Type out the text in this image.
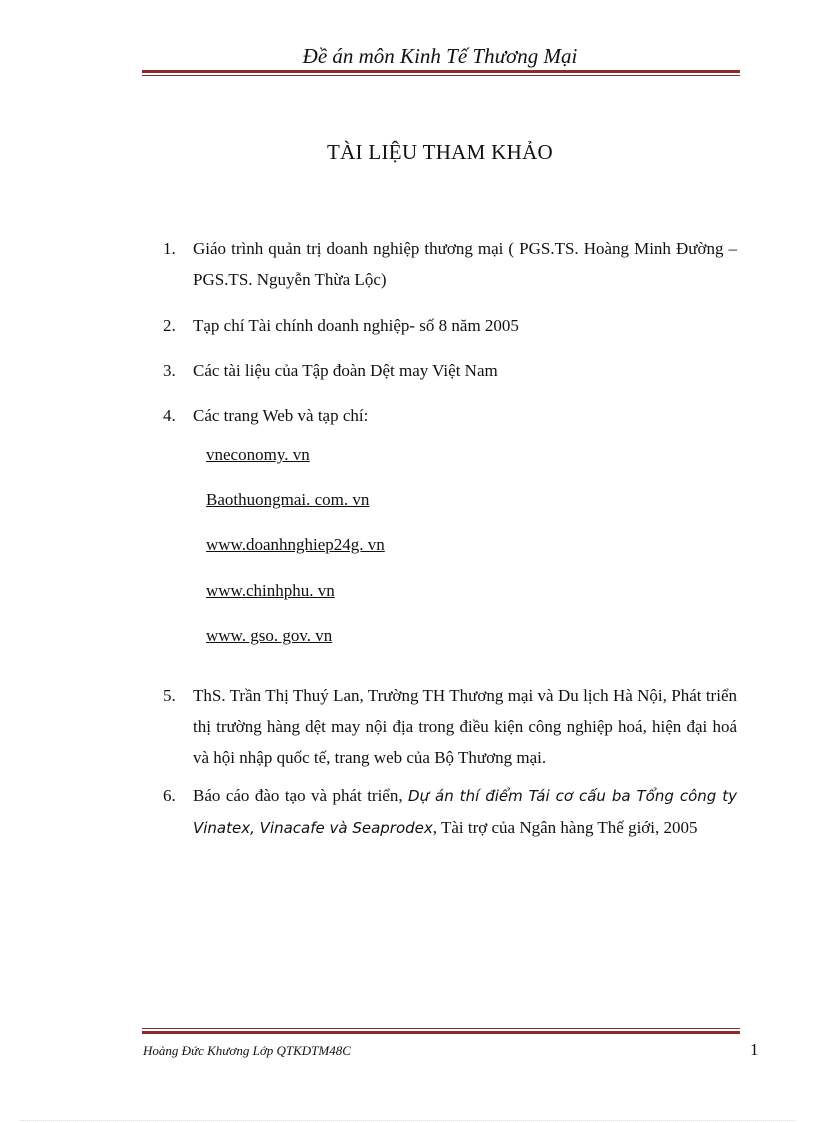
Đề án môn Kinh Tế Thương Mại
TÀI LIỆU THAM KHẢO
1. Giáo trình quản trị doanh nghiệp thương mại ( PGS.TS. Hoàng Minh Đường – PGS.TS. Nguyễn Thừa Lộc)
2. Tạp chí Tài chính doanh nghiệp- số 8 năm 2005
3. Các tài liệu của Tập đoàn Dệt may Việt Nam
4. Các trang Web và tạp chí:
vneconomy. vn
Baothuongmai. com. vn
www.doanhnghiep24g. vn
www.chinhphu. vn
www. gso. gov. vn
5. ThS. Trần Thị Thuý Lan, Trường TH Thương mại và Du lịch Hà Nội, Phát triển thị trường hàng dệt may nội địa trong điều kiện công nghiệp hoá, hiện đại hoá và hội nhập quốc tế, trang web của Bộ Thương mại.
6. Báo cáo đào tạo và phát triển, Dự án thí điểm Tái cơ cấu ba Tổng công ty Vinatex, Vinacafe và Seaprodex, Tài trợ của Ngân hàng Thế giới, 2005
Hoàng Đức Khương Lớp QTKDTM48C	1
